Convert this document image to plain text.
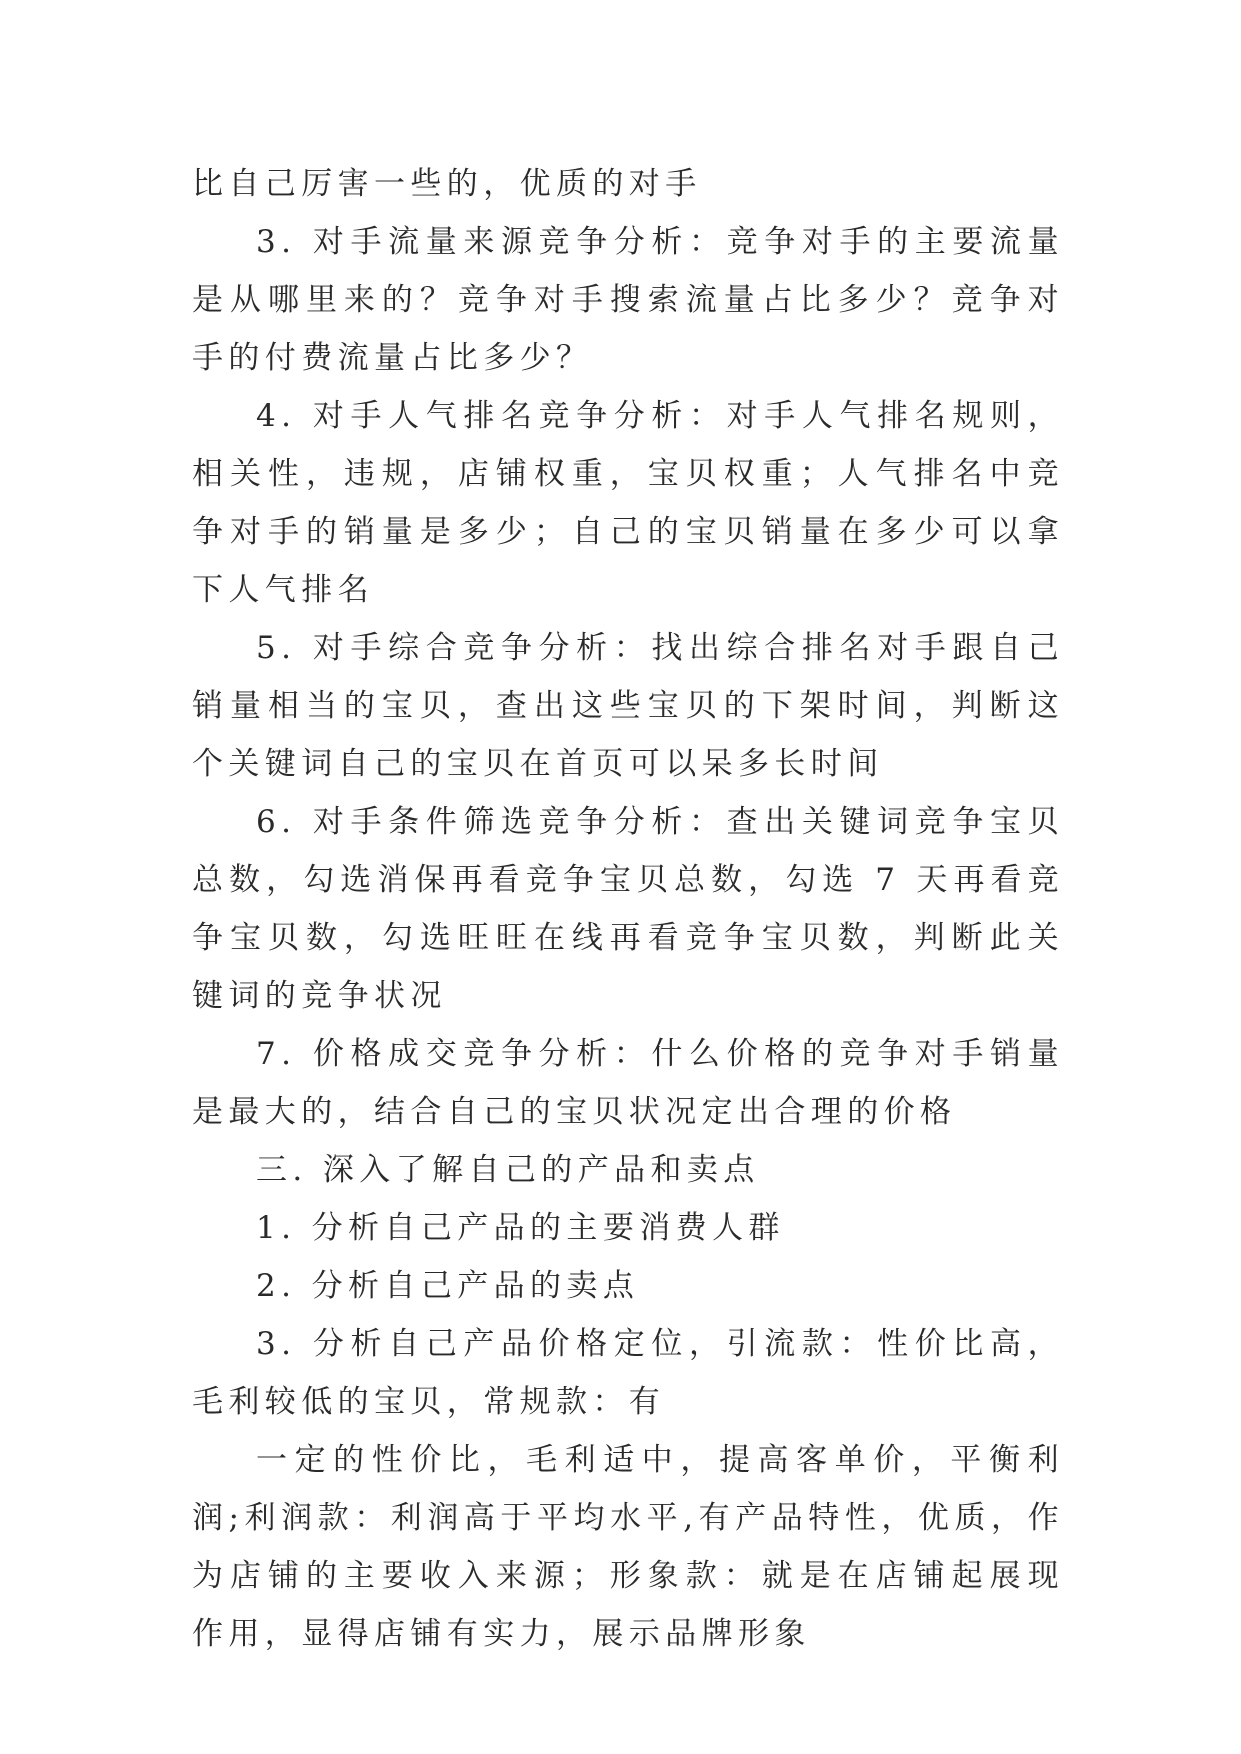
比自己厉害一些的，优质的对手

3. 对手流量来源竞争分析：竞争对手的主要流量是从哪里来的？竞争对手搜索流量占比多少？竞争对手的付费流量占比多少？

4. 对手人气排名竞争分析：对手人气排名规则，相关性，违规，店铺权重，宝贝权重；人气排名中竞争对手的销量是多少；自己的宝贝销量在多少可以拿下人气排名

5. 对手综合竞争分析：找出综合排名对手跟自己销量相当的宝贝，查出这些宝贝的下架时间，判断这个关键词自己的宝贝在首页可以呆多长时间

6. 对手条件筛选竞争分析：查出关键词竞争宝贝总数，勾选消保再看竞争宝贝总数，勾选 7 天再看竞争宝贝数，勾选旺旺在线再看竞争宝贝数，判断此关键词的竞争状况

7. 价格成交竞争分析：什么价格的竞争对手销量是最大的，结合自己的宝贝状况定出合理的价格

三. 深入了解自己的产品和卖点

1. 分析自己产品的主要消费人群

2. 分析自己产品的卖点

3. 分析自己产品价格定位，引流款：性价比高，毛利较低的宝贝，常规款：有

一定的性价比，毛利适中，提高客单价，平衡利润;利润款：利润高于平均水平,有产品特性，优质，作为店铺的主要收入来源；形象款：就是在店铺起展现作用，显得店铺有实力，展示品牌形象
